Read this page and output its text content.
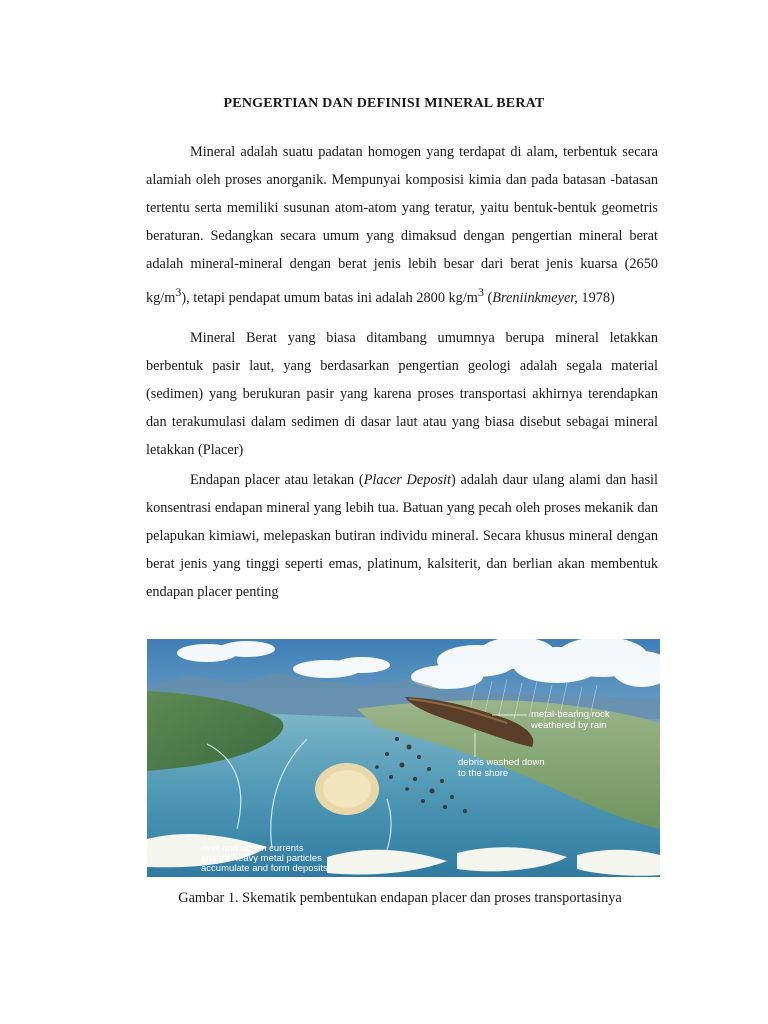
PENGERTIAN DAN DEFINISI MINERAL BERAT

Mineral adalah suatu padatan homogen yang terdapat di alam, terbentuk secara alamiah oleh proses anorganik. Mempunyai komposisi kimia dan pada batasan -batasan tertentu serta memiliki susunan atom-atom yang teratur, yaitu bentuk-bentuk geometris beraturan. Sedangkan secara umum yang dimaksud dengan pengertian mineral berat adalah mineral-mineral dengan berat jenis lebih besar dari berat jenis kuarsa (2650 $kg/m^3$), tetapi pendapat umum batas ini adalah 2800 $kg/m^3$ (Breniinkmeyer, 1978)

Mineral Berat yang biasa ditambang umumnya berupa mineral letakkan berbentuk pasir laut, yang berdasarkan pengertian geologi adalah segala material (sedimen) yang berukuran pasir yang karena proses transportasi akhirnya terendapkan dan terakumulasi dalam sedimen di dasar laut atau yang biasa disebut sebagai mineral letakkan (Placer)

Endapan placer atau letakan (Placer Deposit) adalah daur ulang alami dan hasil konsentrasi endapan mineral yang lebih tua. Batuan yang pecah oleh proses mekanik dan pelapukan kimiawi, melepaskan butiran individu mineral. Secara khusus mineral dengan berat jenis yang tinggi seperti emas, platinum, kalsiterit, dan berlian akan membentuk endapan placer penting

metal-bearing rock
weathered by rain
debris washed down
to the shore
river and ocean currents
ensure heavy metal particles
accumulate and form deposits
Gambar 1. Skematik pembentukan endapan placer dan proses transportasinya
